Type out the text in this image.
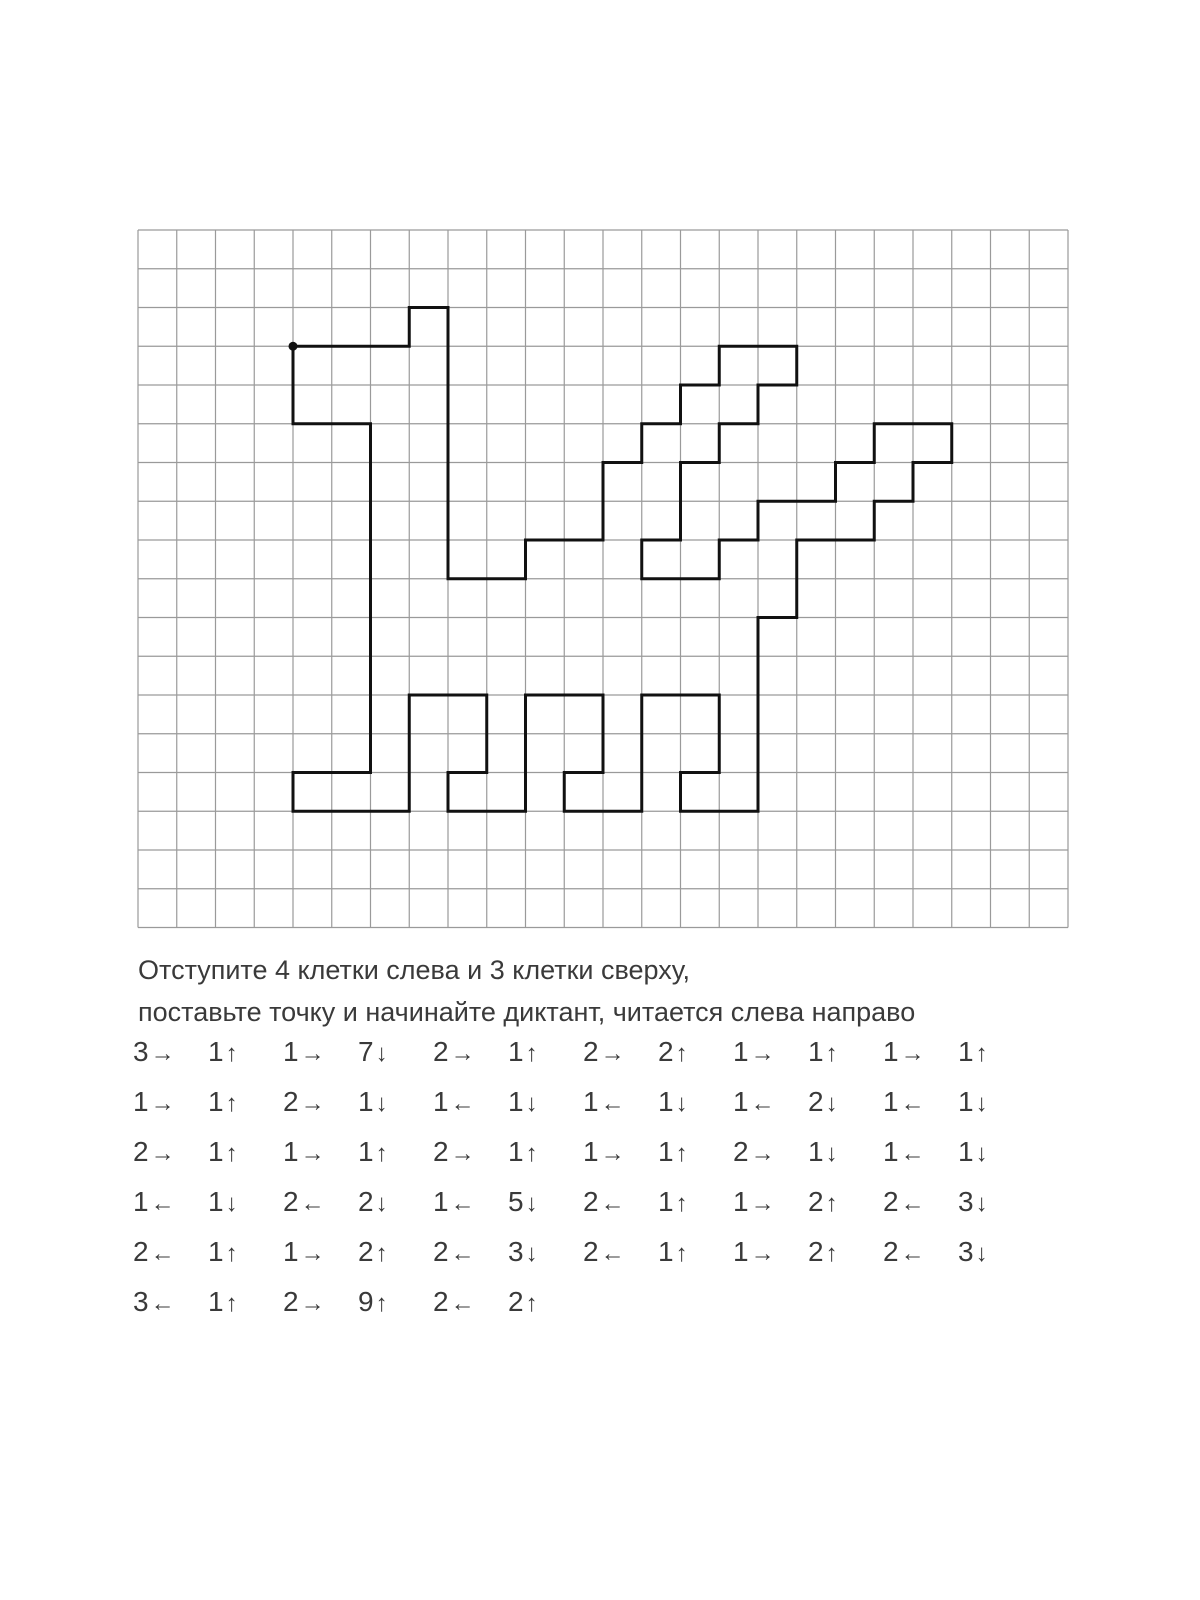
Отступите 4 клетки слева и 3 клетки сверху,
поставьте точку и начинайте диктант, читается слева направо
3→ 1↑ 1→ 7↓ 2→ 1↑ 2→ 2↑ 1→ 1↑ 1→ 1↑
1→ 1↑ 2→ 1↓ 1← 1↓ 1← 1↓ 1← 2↓ 1← 1↓
2→ 1↑ 1→ 1↑ 2→ 1↑ 1→ 1↑ 2→ 1↓ 1← 1↓
1← 1↓ 2← 2↓ 1← 5↓ 2← 1↑ 1→ 2↑ 2← 3↓
2← 1↑ 1→ 2↑ 2← 3↓ 2← 1↑ 1→ 2↑ 2← 3↓
3← 1↑ 2→ 9↑ 2← 2↑
